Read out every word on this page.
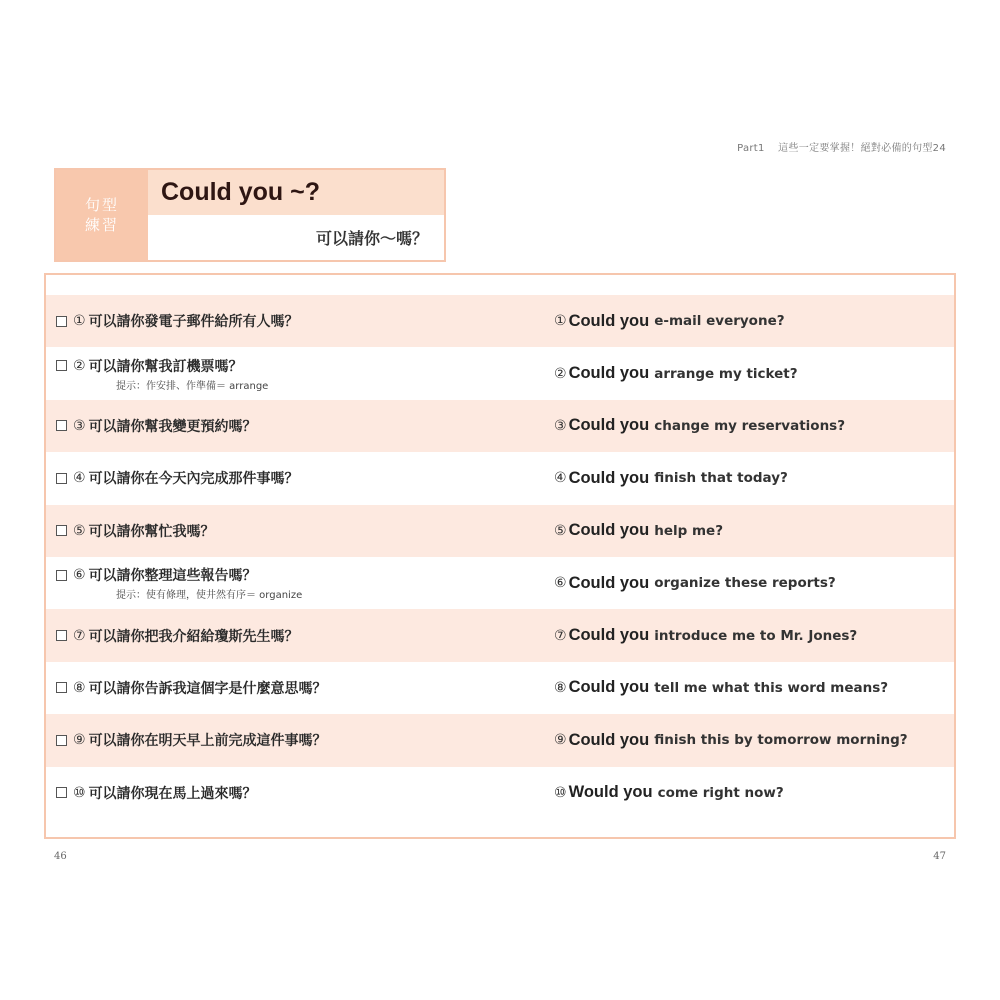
Part1 這些一定要掌握！絕對必備的句型24
句型
練習
Could you ~?
可以請你～嗎？
① 可以請你發電子郵件給所有人嗎？	① Could you e-mail everyone?
② 可以請你幫我訂機票嗎？
提示：作安排、作準備＝ arrange
② Could you arrange my ticket?
③ 可以請你幫我變更預約嗎？	③ Could you change my reservations?
④ 可以請你在今天內完成那件事嗎？	④ Could you finish that today?
⑤ 可以請你幫忙我嗎？	⑤ Could you help me?
⑥ 可以請你整理這些報告嗎？
提示：使有條理，使井然有序＝ organize
⑥ Could you organize these reports?
⑦ 可以請你把我介紹給瓊斯先生嗎？	⑦ Could you introduce me to Mr. Jones?
⑧ 可以請你告訴我這個字是什麼意思嗎？	⑧ Could you tell me what this word means?
⑨ 可以請你在明天早上前完成這件事嗎？	⑨ Could you finish this by tomorrow morning?
⑩ 可以請你現在馬上過來嗎？	⑩ Would you come right now?
46	47
